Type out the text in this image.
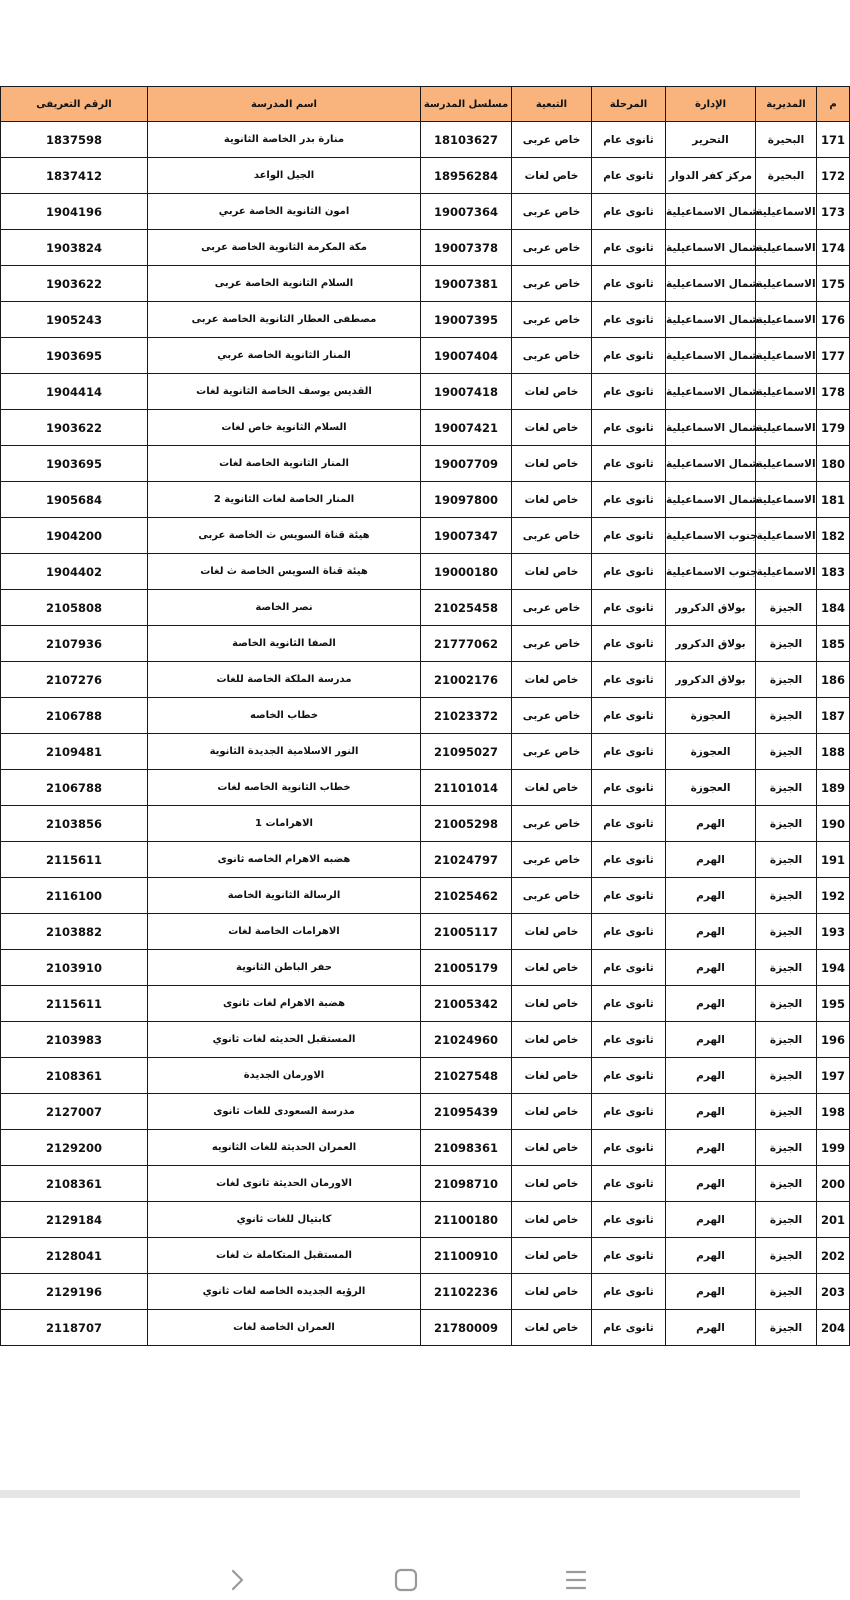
الرقم التعريفى	اسم المدرسة	مسلسل المدرسة	التبعية	المرحلة	الإدارة	المديرية	م
1837598	منارة بدر الخاصة الثانوية	18103627	خاص عربى	ثانوى عام	التحرير	البحيرة	171
1837412	الجيل الواعد	18956284	خاص لغات	ثانوى عام	مركز كفر الدوار	البحيرة	172
1904196	امون الثانوية الخاصة عربي	19007364	خاص عربى	ثانوى عام	شمال الاسماعيلية	الاسماعيلية	173
1903824	مكة المكرمة الثانوية الخاصة عربى	19007378	خاص عربى	ثانوى عام	شمال الاسماعيلية	الاسماعيلية	174
1903622	السلام الثانوية الخاصة عربى	19007381	خاص عربى	ثانوى عام	شمال الاسماعيلية	الاسماعيلية	175
1905243	مصطفى العطار الثانوية الخاصة عربى	19007395	خاص عربى	ثانوى عام	شمال الاسماعيلية	الاسماعيلية	176
1903695	المنار الثانوية الخاصة عربي	19007404	خاص عربى	ثانوى عام	شمال الاسماعيلية	الاسماعيلية	177
1904414	القديس يوسف الخاصة الثانوية لغات	19007418	خاص لغات	ثانوى عام	شمال الاسماعيلية	الاسماعيلية	178
1903622	السلام الثانوية خاص لغات	19007421	خاص لغات	ثانوى عام	شمال الاسماعيلية	الاسماعيلية	179
1903695	المنار الثانوية الخاصة لغات	19007709	خاص لغات	ثانوى عام	شمال الاسماعيلية	الاسماعيلية	180
1905684	المنار الخاصة لغات الثانوية 2	19097800	خاص لغات	ثانوى عام	شمال الاسماعيلية	الاسماعيلية	181
1904200	هيئة قناة السويس ث الخاصة عربى	19007347	خاص عربى	ثانوى عام	جنوب الاسماعيلية	الاسماعيلية	182
1904402	هيئة قناة السويس الخاصة ث لغات	19000180	خاص لغات	ثانوى عام	جنوب الاسماعيلية	الاسماعيلية	183
2105808	نصر الخاصة	21025458	خاص عربى	ثانوى عام	بولاق الدكرور	الجيزة	184
2107936	الصفا الثانوية الخاصة	21777062	خاص عربى	ثانوى عام	بولاق الدكرور	الجيزة	185
2107276	مدرسة الملكة الخاصة للغات	21002176	خاص لغات	ثانوى عام	بولاق الدكرور	الجيزة	186
2106788	خطاب الخاصه	21023372	خاص عربى	ثانوى عام	العجوزة	الجيزة	187
2109481	النور الاسلامية الجديدة الثانوية	21095027	خاص عربى	ثانوى عام	العجوزة	الجيزة	188
2106788	خطاب الثانوية الخاصه لغات	21101014	خاص لغات	ثانوى عام	العجوزة	الجيزة	189
2103856	الاهرامات 1	21005298	خاص عربى	ثانوى عام	الهرم	الجيزة	190
2115611	هضبه الاهرام الخاصه ثانوى	21024797	خاص عربى	ثانوى عام	الهرم	الجيزة	191
2116100	الرسالة الثانوية الخاصة	21025462	خاص عربى	ثانوى عام	الهرم	الجيزة	192
2103882	الاهرامات الخاصة لغات	21005117	خاص لغات	ثانوى عام	الهرم	الجيزة	193
2103910	حفر الباطن الثانوية	21005179	خاص لغات	ثانوى عام	الهرم	الجيزة	194
2115611	هضبة الاهرام لغات ثانوى	21005342	خاص لغات	ثانوى عام	الهرم	الجيزة	195
2103983	المستقبل الحديثه لغات ثانوي	21024960	خاص لغات	ثانوى عام	الهرم	الجيزة	196
2108361	الاورمان الجديدة	21027548	خاص لغات	ثانوى عام	الهرم	الجيزة	197
2127007	مدرسة السعودى للغات ثانوى	21095439	خاص لغات	ثانوى عام	الهرم	الجيزة	198
2129200	العمران الحديثة للغات الثانويه	21098361	خاص لغات	ثانوى عام	الهرم	الجيزة	199
2108361	الاورمان الحديثة ثانوى لغات	21098710	خاص لغات	ثانوى عام	الهرم	الجيزة	200
2129184	كابتيال للغات ثانوي	21100180	خاص لغات	ثانوى عام	الهرم	الجيزة	201
2128041	المستقبل المتكاملة ث لغات	21100910	خاص لغات	ثانوى عام	الهرم	الجيزة	202
2129196	الرؤيه الجديده الخاصه لغات ثانوي	21102236	خاص لغات	ثانوى عام	الهرم	الجيزة	203
2118707	العمران الخاصة لغات	21780009	خاص لغات	ثانوى عام	الهرم	الجيزة	204
